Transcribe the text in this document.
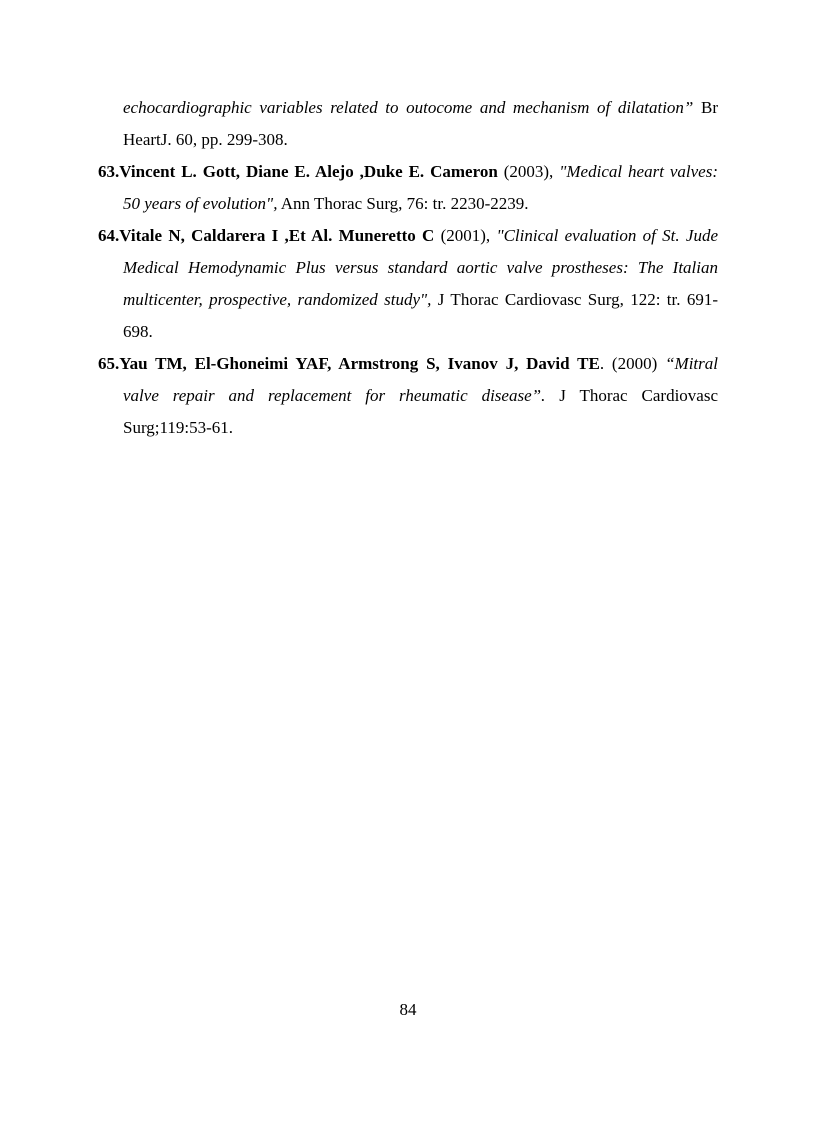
echocardiographic variables related to outocome and mechanism of dilatation” Br HeartJ. 60, pp. 299-308.

63.Vincent L. Gott, Diane E. Alejo ,Duke E. Cameron (2003), "Medical heart valves: 50 years of evolution", Ann Thorac Surg, 76: tr. 2230-2239.

64.Vitale N, Caldarera I ,Et Al. Muneretto C (2001), "Clinical evaluation of St. Jude Medical Hemodynamic Plus versus standard aortic valve prostheses: The Italian multicenter, prospective, randomized study", J Thorac Cardiovasc Surg, 122: tr. 691-698.

65.Yau TM, El-Ghoneimi YAF, Armstrong S, Ivanov J, David TE. (2000) “Mitral valve repair and replacement for rheumatic disease”. J Thorac Cardiovasc Surg;119:53-61.

84
